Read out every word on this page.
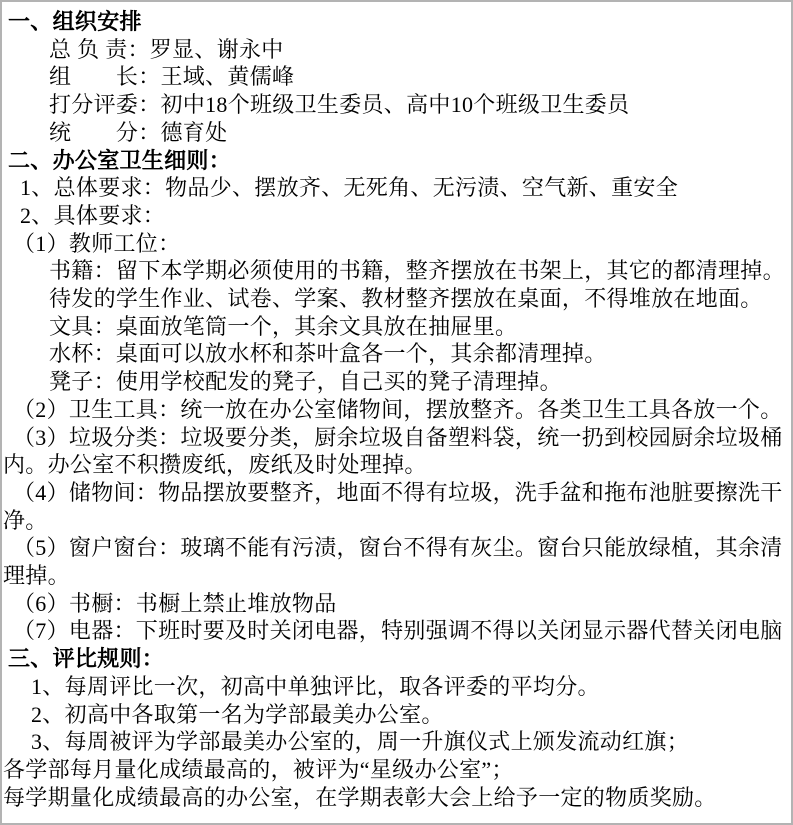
一、组织安排
总 负 责：罗显、谢永中
组　　长：王域、黄儒峰
打分评委：初中18个班级卫生委员、高中10个班级卫生委员
统　　分：德育处
二、办公室卫生细则：
1、总体要求：物品少、摆放齐、无死角、无污渍、空气新、重安全
2、具体要求：
（1）教师工位：
书籍：留下本学期必须使用的书籍，整齐摆放在书架上，其它的都清理掉。
待发的学生作业、试卷、学案、教材整齐摆放在桌面，不得堆放在地面。
文具：桌面放笔筒一个，其余文具放在抽屉里。
水杯：桌面可以放水杯和茶叶盒各一个，其余都清理掉。
凳子：使用学校配发的凳子，自己买的凳子清理掉。
（2）卫生工具：统一放在办公室储物间，摆放整齐。各类卫生工具各放一个。
（3）垃圾分类：垃圾要分类，厨余垃圾自备塑料袋，统一扔到校园厨余垃圾桶
内。办公室不积攒废纸，废纸及时处理掉。
（4）储物间：物品摆放要整齐，地面不得有垃圾，洗手盆和拖布池脏要擦洗干
净。
（5）窗户窗台：玻璃不能有污渍，窗台不得有灰尘。窗台只能放绿植，其余清
理掉。
（6）书橱：书橱上禁止堆放物品
（7）电器：下班时要及时关闭电器，特别强调不得以关闭显示器代替关闭电脑
三、评比规则：
1、每周评比一次，初高中单独评比，取各评委的平均分。
2、初高中各取第一名为学部最美办公室。
3、每周被评为学部最美办公室的，周一升旗仪式上颁发流动红旗；
各学部每月量化成绩最高的，被评为“星级办公室”；
每学期量化成绩最高的办公室，在学期表彰大会上给予一定的物质奖励。
